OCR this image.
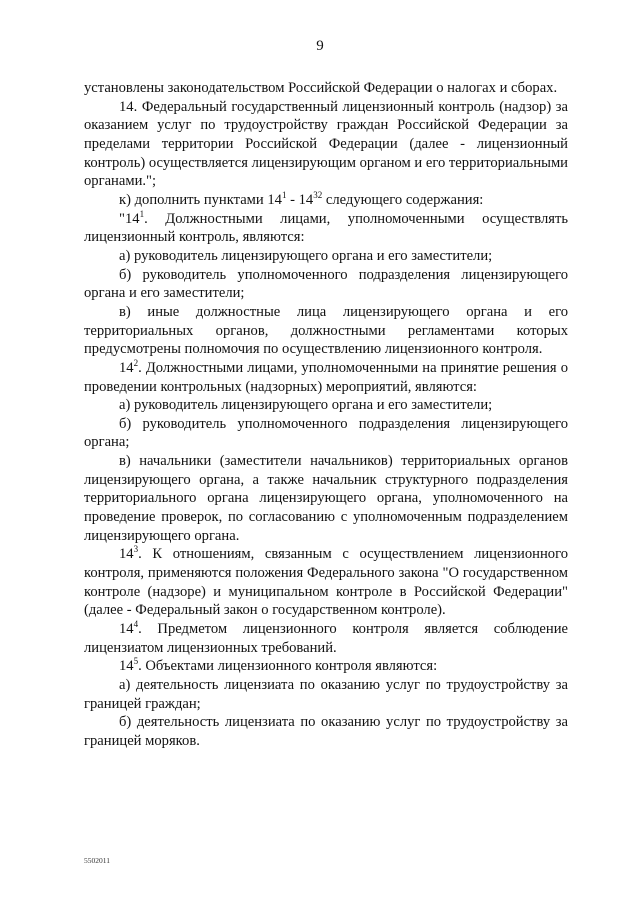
9

установлены законодательством Российской Федерации о налогах и сборах.

14. Федеральный государственный лицензионный контроль (надзор) за оказанием услуг по трудоустройству граждан Российской Федерации за пределами территории Российской Федерации (далее - лицензионный контроль) осуществляется лицензирующим органом и его территориальными органами.";

к) дополнить пунктами $14^1 - 14^{32}$ следующего содержания:

"$14^1$. Должностными лицами, уполномоченными осуществлять лицензионный контроль, являются:

а) руководитель лицензирующего органа и его заместители;

б) руководитель уполномоченного подразделения лицензирующего органа и его заместители;

в) иные должностные лица лицензирующего органа и его территориальных органов, должностными регламентами которых предусмотрены полномочия по осуществлению лицензионного контроля.

$14^2$. Должностными лицами, уполномоченными на принятие решения о проведении контрольных (надзорных) мероприятий, являются:

а) руководитель лицензирующего органа и его заместители;

б) руководитель уполномоченного подразделения лицензирующего органа;

в) начальники (заместители начальников) территориальных органов лицензирующего органа, а также начальник структурного подразделения территориального органа лицензирующего органа, уполномоченного на проведение проверок, по согласованию с уполномоченным подразделением лицензирующего органа.

$14^3$. К отношениям, связанным с осуществлением лицензионного контроля, применяются положения Федерального закона "О государственном контроле (надзоре) и муниципальном контроле в Российской Федерации" (далее - Федеральный закон о государственном контроле).

$14^4$. Предметом лицензионного контроля является соблюдение лицензиатом лицензионных требований.

$14^5$. Объектами лицензионного контроля являются:

а) деятельность лицензиата по оказанию услуг по трудоустройству за границей граждан;

б) деятельность лицензиата по оказанию услуг по трудоустройству за границей моряков.

5502011
